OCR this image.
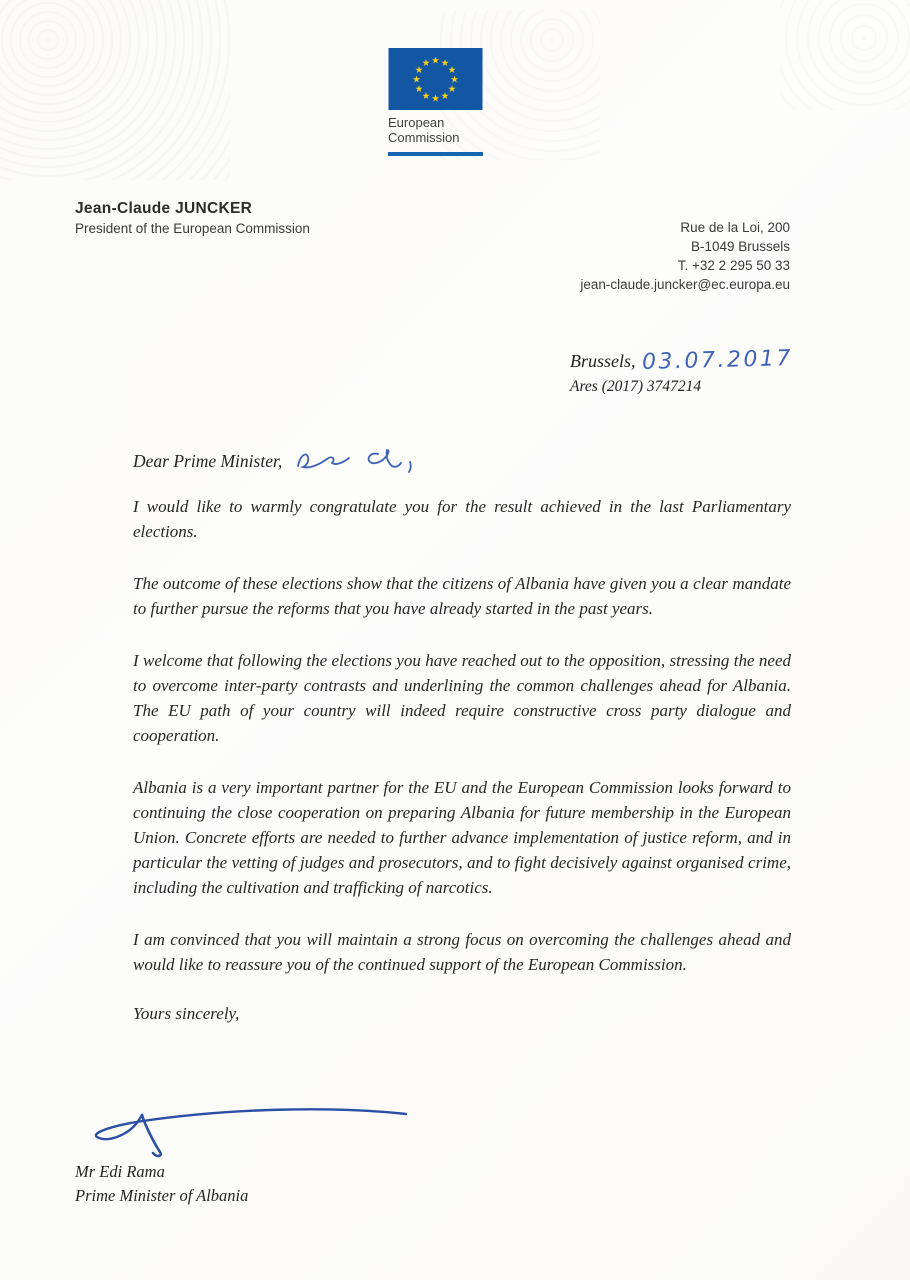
★ ★
★
★
★
★
★
★
★
★
★
★
European
Commission
Jean-Claude JUNCKER
President of the European Commission	Rue de la Loi, 200
B-1049 Brussels
T. +32 2 295 50 33
jean-claude.juncker@ec.europa.eu
Brussels, 03.07.2017
Ares (2017) 3747214
Dear Prime Minister,

I would like to warmly congratulate you for the result achieved in the last Parliamentary elections.

The outcome of these elections show that the citizens of Albania have given you a clear mandate to further pursue the reforms that you have already started in the past years.

I welcome that following the elections you have reached out to the opposition, stressing the need to overcome inter-party contrasts and underlining the common challenges ahead for Albania. The EU path of your country will indeed require constructive cross party dialogue and cooperation.

Albania is a very important partner for the EU and the European Commission looks forward to continuing the close cooperation on preparing Albania for future membership in the European Union. Concrete efforts are needed to further advance implementation of justice reform, and in particular the vetting of judges and prosecutors, and to fight decisively against organised crime, including the cultivation and trafficking of narcotics.

I am convinced that you will maintain a strong focus on overcoming the challenges ahead and would like to reassure you of the continued support of the European Commission.

Yours sincerely,
Mr Edi Rama
Prime Minister of Albania
